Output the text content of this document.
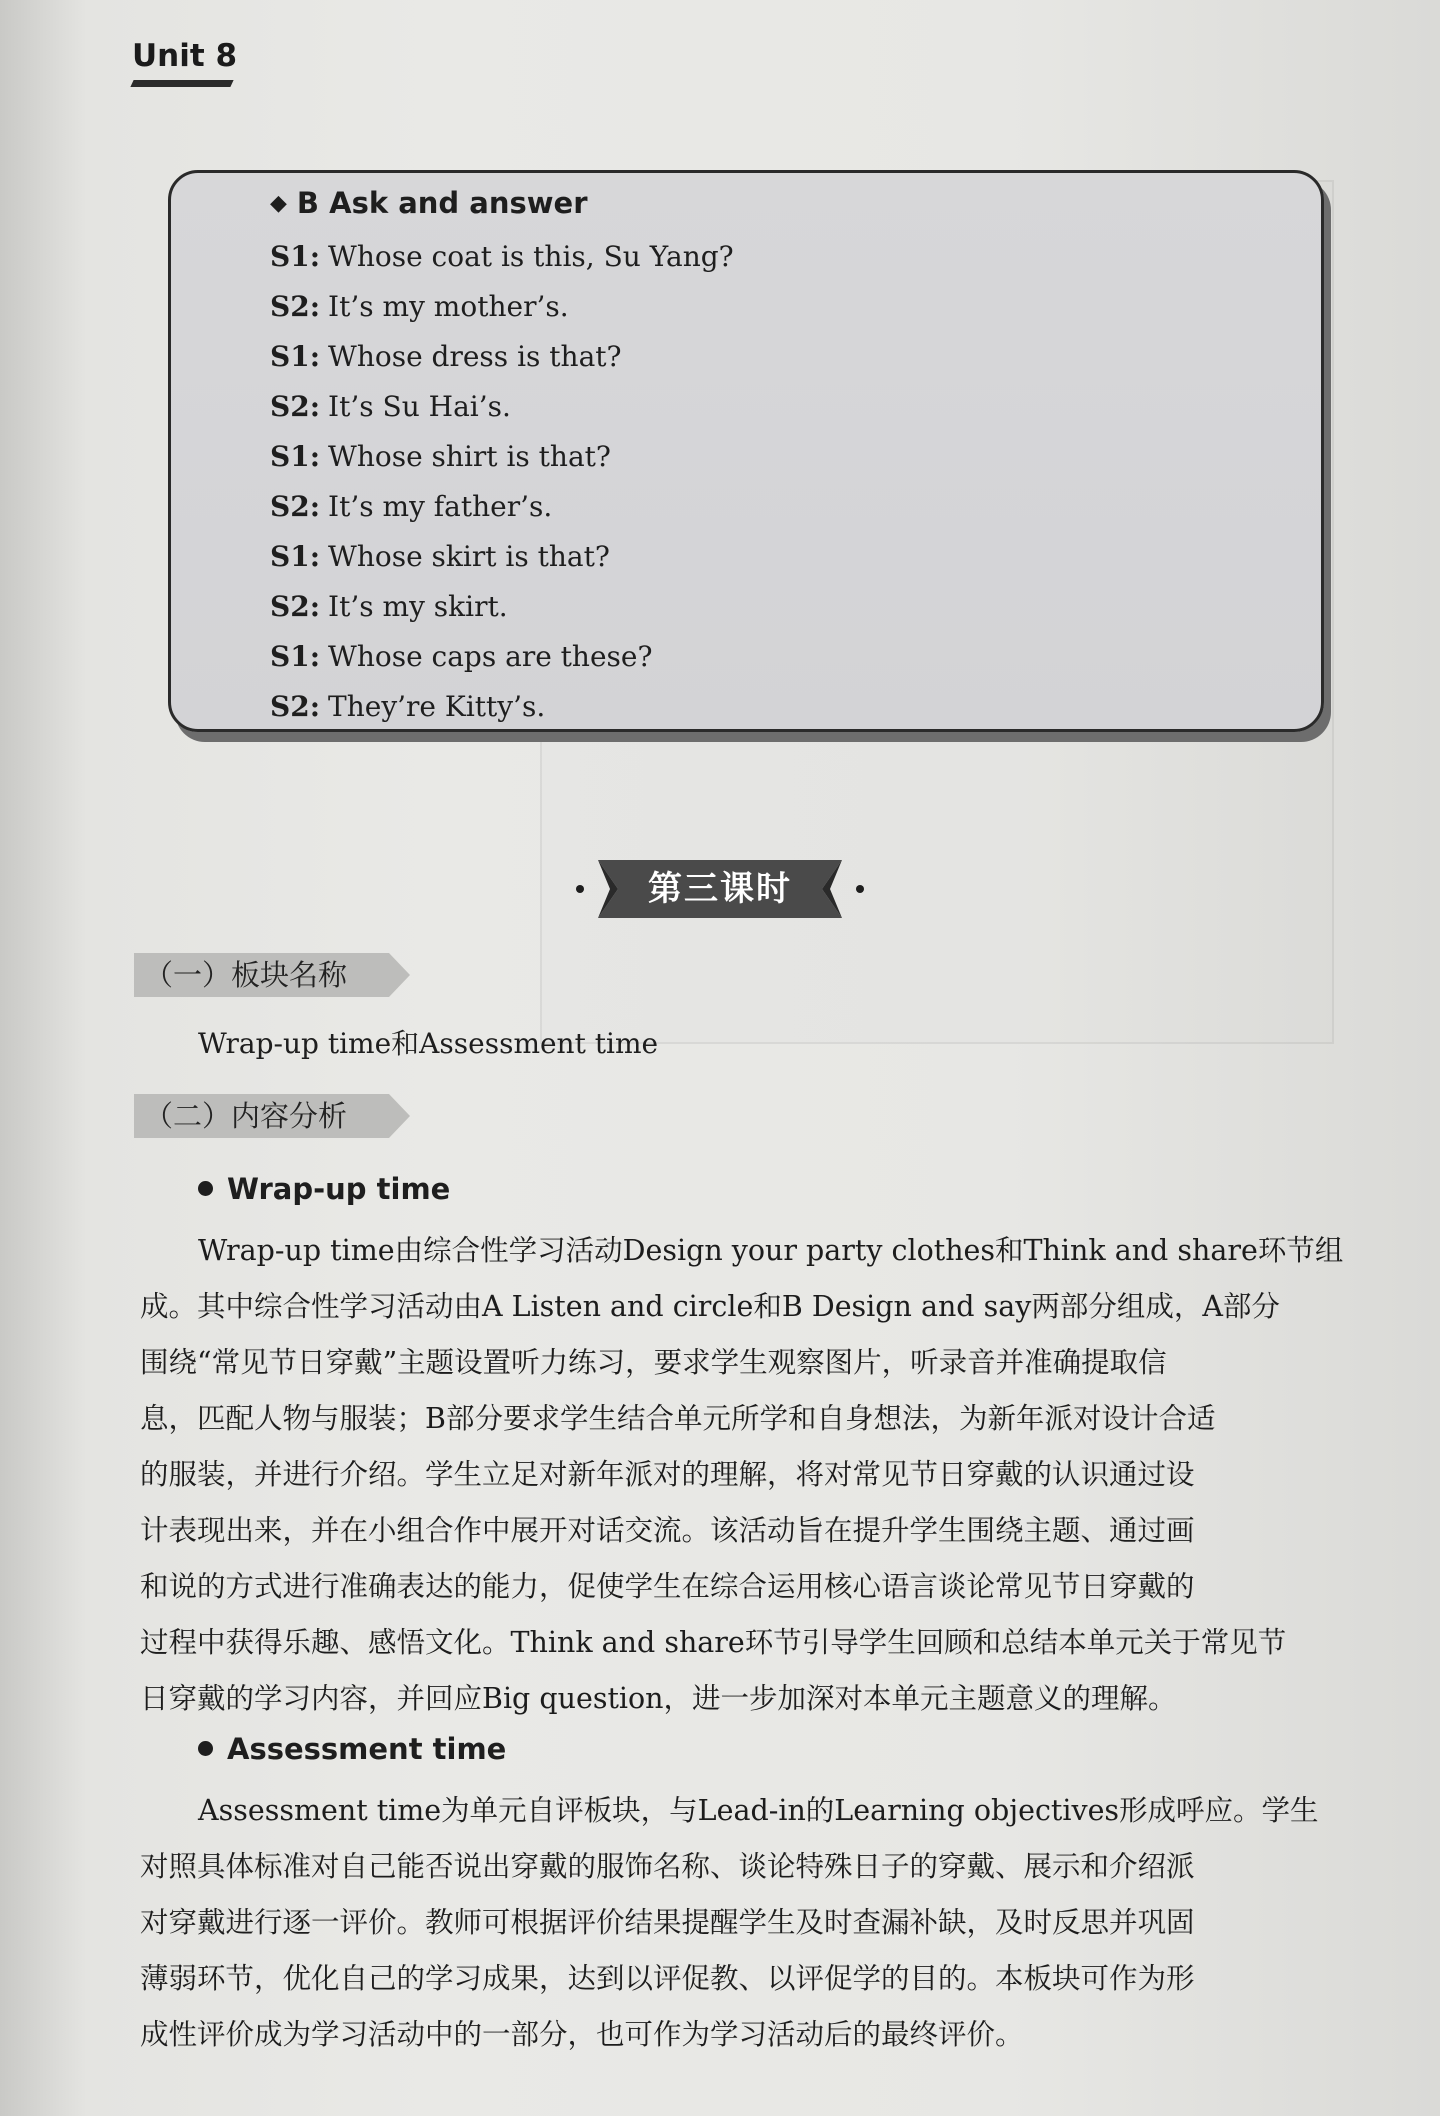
Unit 8
◆ B Ask and answer
S1: Whose coat is this, Su Yang?
S2: It’s my mother’s.
S1: Whose dress is that?
S2: It’s Su Hai’s.
S1: Whose shirt is that?
S2: It’s my father’s.
S1: Whose skirt is that?
S2: It’s my skirt.
S1: Whose caps are these?
S2: They’re Kitty’s.
第三课时
（一）板块名称
Wrap-up time和Assessment time
（二）内容分析
Wrap-up time
Wrap-up time由综合性学习活动Design your party clothes和Think and share环节组
成。其中综合性学习活动由A Listen and circle和B Design and say两部分组成，A部分
围绕“常见节日穿戴”主题设置听力练习，要求学生观察图片，听录音并准确提取信
息，匹配人物与服装；B部分要求学生结合单元所学和自身想法，为新年派对设计合适
的服装，并进行介绍。学生立足对新年派对的理解，将对常见节日穿戴的认识通过设
计表现出来，并在小组合作中展开对话交流。该活动旨在提升学生围绕主题、通过画
和说的方式进行准确表达的能力，促使学生在综合运用核心语言谈论常见节日穿戴的
过程中获得乐趣、感悟文化。Think and share环节引导学生回顾和总结本单元关于常见节
日穿戴的学习内容，并回应Big question，进一步加深对本单元主题意义的理解。
Assessment time
Assessment time为单元自评板块，与Lead-in的Learning objectives形成呼应。学生
对照具体标准对自己能否说出穿戴的服饰名称、谈论特殊日子的穿戴、展示和介绍派
对穿戴进行逐一评价。教师可根据评价结果提醒学生及时查漏补缺，及时反思并巩固
薄弱环节，优化自己的学习成果，达到以评促教、以评促学的目的。本板块可作为形
成性评价成为学习活动中的一部分，也可作为学习活动后的最终评价。
